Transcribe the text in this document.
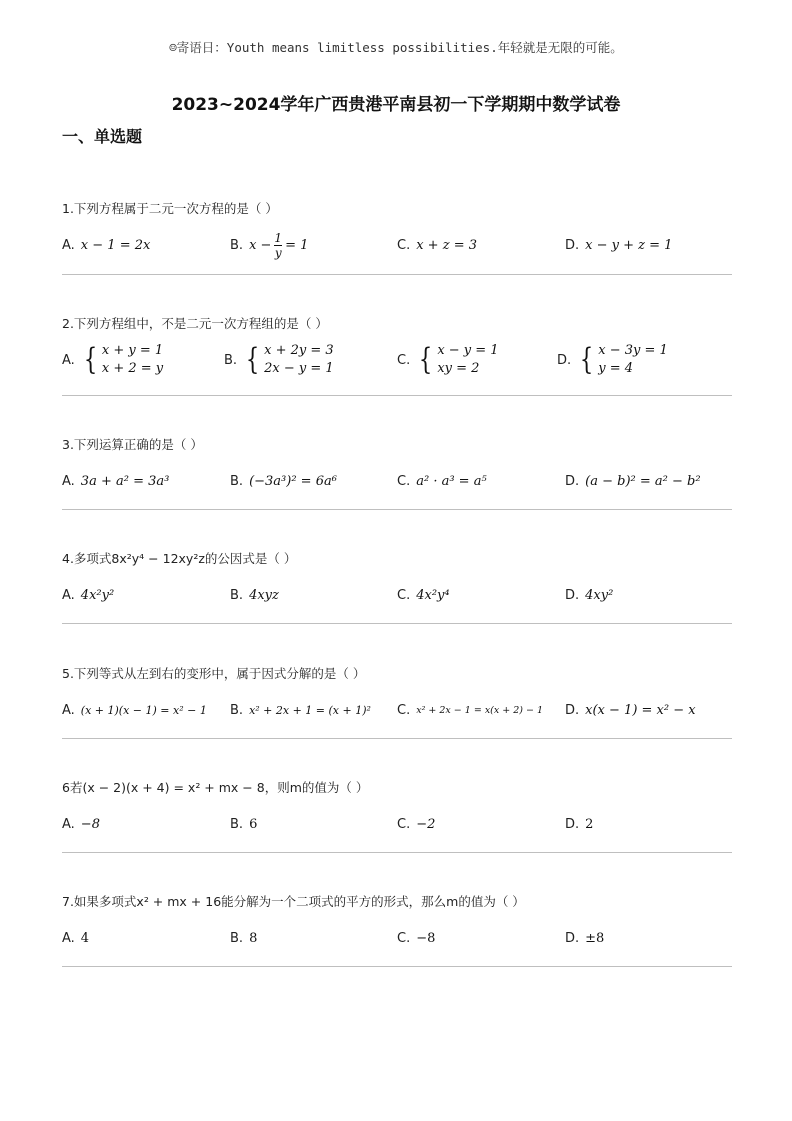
☺寄语日：Youth means limitless possibilities.年轻就是无限的可能。
2023~2024学年广西贵港平南县初一下学期期中数学试卷
一、单选题
1.下列方程属于二元一次方程的是（ ）
A. x − 1 = 2x	B. $x - \frac{1}{y} = 1$	C. x + z = 3	D. x − y + z = 1
2.下列方程组中，不是二元一次方程组的是（ ）
A. { x + y = 1
x + 2 = y
B. { x + 2y = 3
2x − y = 1
C. { x − y = 1
xy = 2
D. { x − 3y = 1
y = 4
3.下列运算正确的是（ ）
A. 3a + a² = 3a³	B. (−3a³)² = 6a⁶	C. a² · a³ = a⁵	D. (a − b)² = a² − b²
4.多项式8x²y⁴ − 12xy²z的公因式是（ ）
A. 4x²y²	B. 4xyz	C. 4x²y⁴	D. 4xy²
5.下列等式从左到右的变形中，属于因式分解的是（ ）
A. (x + 1)(x − 1) = x² − 1 B. x² + 2x + 1 = (x + 1)² C. x² + 2x − 1 = x(x + 2) − 1 D. x(x − 1) = x² − x
6若(x − 2)(x + 4) = x² + mx − 8，则m的值为（ ）
A. −8	B. 6	C. −2	D. 2
7.如果多项式x² + mx + 16能分解为一个二项式的平方的形式，那么m的值为（ ）
A. 4	B. 8	C. −8	D. ±8
